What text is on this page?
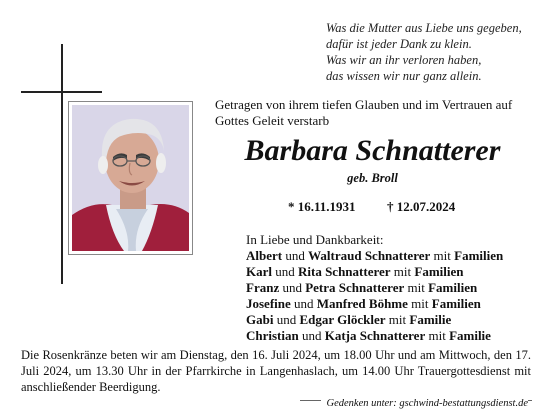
Was die Mutter aus Liebe uns gegeben,
dafür ist jeder Dank zu klein.
Was wir an ihr verloren haben,
das wissen wir nur ganz allein.
Getragen von ihrem tiefen Glauben und im Vertrauen auf
Gottes Geleit verstarb
Barbara Schnatterer
geb. Broll
* 16.11.1931 † 12.07.2024
In Liebe und Dankbarkeit:
Albert und Waltraud Schnatterer mit Familien
Karl und Rita Schnatterer mit Familien
Franz und Petra Schnatterer mit Familien
Josefine und Manfred Böhme mit Familien
Gabi und Edgar Glöckler mit Familie
Christian und Katja Schnatterer mit Familie
Die Rosenkränze beten wir am Dienstag, den 16. Juli 2024, um 18.00 Uhr und am Mittwoch, den 17. Juli 2024, um 13.30 Uhr in der Pfarrkirche in Langenhaslach, um 14.00 Uhr Trauergottesdienst mit anschließender Beerdigung.
Gedenken unter: gschwind-bestattungsdienst.de
